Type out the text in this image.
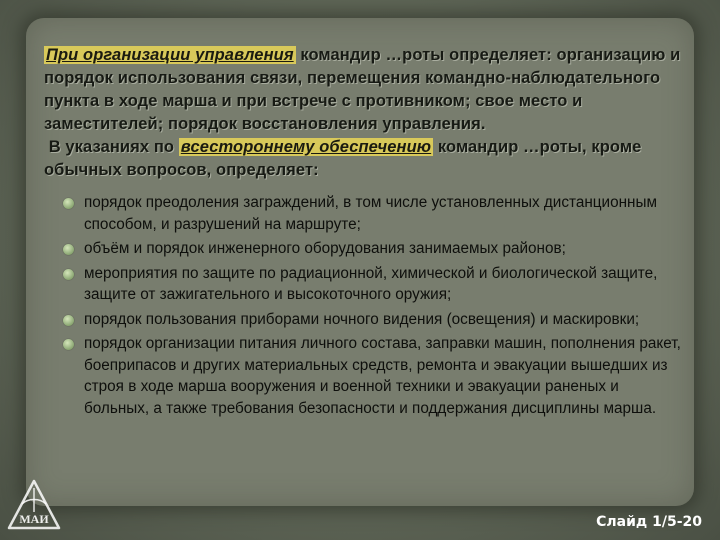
При организации управления командир …роты определяет: организацию и порядок использования связи, перемещения командно-наблюдательного пункта в ходе марша и при встрече с противником; свое место и заместителей; порядок восстановления управления.
В указаниях по всестороннему обеспечению командир …роты, кроме обычных вопросов, определяет:
порядок преодоления заграждений, в том числе установленных дистанционным способом, и разрушений на маршруте;
объём и порядок инженерного оборудования занимаемых районов;
мероприятия по защите по радиационной, химической и биологической защите, защите от зажигательного и высокоточного оружия;
порядок пользования приборами ночного видения (освещения) и маскировки;
порядок организации питания личного состава, заправки машин, пополнения ракет, боеприпасов и других материальных средств, ремонта и эвакуации вышедших из строя в ходе марша вооружения и военной техники и эвакуации раненых и больных, а также требования безопасности и поддержания дисциплины марша.
МАИ	Слайд 1/5-20
